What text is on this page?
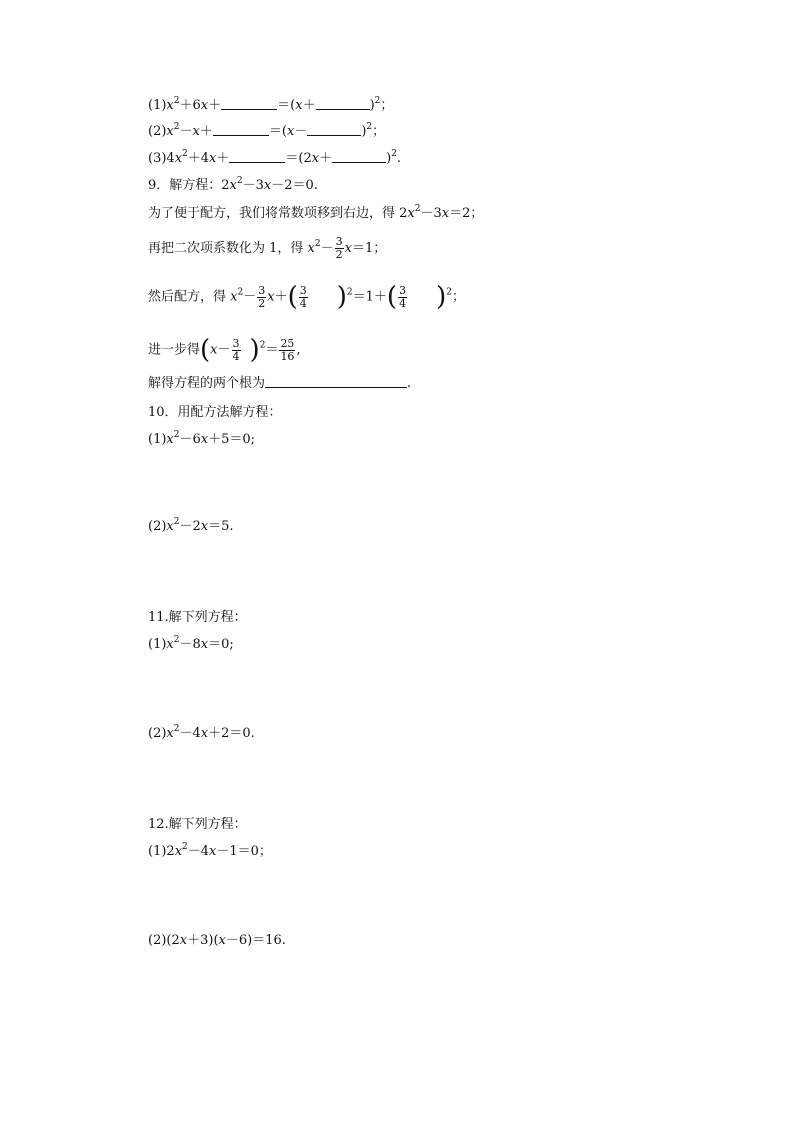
$(1)x^2+6x+$	＝(x＋	)$^2$；
$(2)x^2-x+$	＝(x－	)$^2$；
$(3)4x^2+4x+$	＝(2x＋	)$^2$.
9．解方程：$2x^2-3x-2=0$.
为了便于配方，我们将常数项移到右边，得 $2x^2-3x=2$；
再把二次项系数化为 1，得 $x^2- \frac{3}{2} x=1$；
然后配方，得 $x^2- \frac{3}{2} x+( \frac{3}{4} )^2=1+( \frac{3}{4} )^2$；
进一步得$(x- \frac{3}{4} )^2= \frac{25}{16}$ ,
解得方程的两个根为	.
10．用配方法解方程：
$(1)x^2-6x+5=0$;
$(2)x^2-2x=5$.
11.解下列方程：
$(1)x^2-8x=0$;
$(2)x^2-4x+2=0$.
12.解下列方程：
$(1)2x^2-4x-1=0$；
(2)(2x＋3)(x－6)＝16.
